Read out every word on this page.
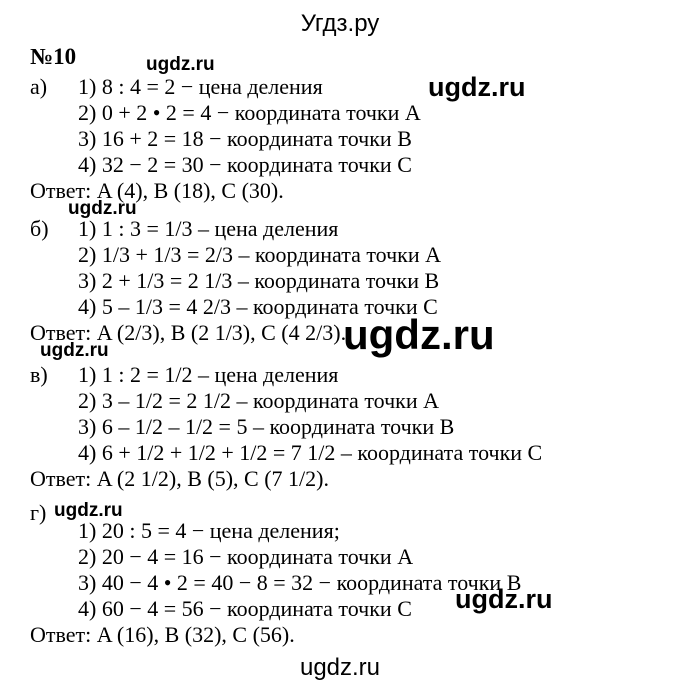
Угдз.ру
№10
а) 1) 8 : 4 = 2 − цена деления
2) 0 + 2 • 2 = 4 − координата точки A
3) 16 + 2 = 18 − координата точки B
4) 32 − 2 = 30 − координата точки C
Ответ: A (4), B (18), C (30).
б) 1) 1 : 3 = 1/3 – цена деления
2) 1/3 + 1/3 = 2/3 – координата точки A
3) 2 + 1/3 = 2 1/3 – координата точки B
4) 5 – 1/3 = 4 2/3 – координата точки C
Ответ: A (2/3), B (2 1/3), C (4 2/3).
в) 1) 1 : 2 = 1/2 – цена деления
2) 3 – 1/2 = 2 1/2 – координата точки A
3) 6 – 1/2 – 1/2 = 5 – координата точки B
4) 6 + 1/2 + 1/2 + 1/2 = 7 1/2 – координата точки C
Ответ: A (2 1/2), B (5), C (7 1/2).
г)
1) 20 : 5 = 4 − цена деления;
2) 20 − 4 = 16 − координата точки A
3) 40 − 4 • 2 = 40 − 8 = 32 − координата точки B
4) 60 − 4 = 56 − координата точки C
Ответ: A (16), B (32), C (56).
ugdz.ru
ugdz.ru
ugdz.ru
ugdz.ru
ugdz.ru
ugdz.ru
ugdz.ru
ugdz.ru
